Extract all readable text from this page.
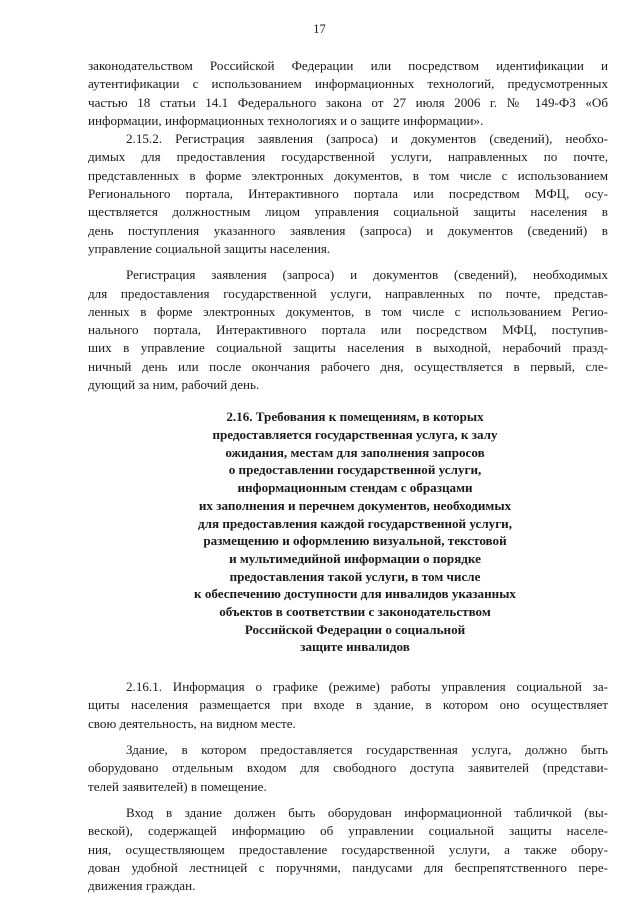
17
законодательством Российской Федерации или посредством идентификации и
аутентификации с использованием информационных технологий, предусмотренных
частью 18 статьи 14.1 Федерального закона от 27 июля 2006 г. № 149-ФЗ «Об
информации, информационных технологиях и о защите информации».
2.15.2. Регистрация заявления (запроса) и документов (сведений), необхо-
димых для предоставления государственной услуги, направленных по почте,
представленных в форме электронных документов, в том числе с использованием
Регионального портала, Интерактивного портала или посредством МФЦ, осу-
ществляется должностным лицом управления социальной защиты населения в
день поступления указанного заявления (запроса) и документов (сведений) в
управление социальной защиты населения.
Регистрация заявления (запроса) и документов (сведений), необходимых
для предоставления государственной услуги, направленных по почте, представ-
ленных в форме электронных документов, в том числе с использованием Регио-
нального портала, Интерактивного портала или посредством МФЦ, поступив-
ших в управление социальной защиты населения в выходной, нерабочий празд-
ничный день или после окончания рабочего дня, осуществляется в первый, сле-
дующий за ним, рабочий день.
2.16. Требования к помещениям, в которых
предоставляется государственная услуга, к залу
ожидания, местам для заполнения запросов
о предоставлении государственной услуги,
информационным стендам с образцами
их заполнения и перечнем документов, необходимых
для предоставления каждой государственной услуги,
размещению и оформлению визуальной, текстовой
и мультимедийной информации о порядке
предоставления такой услуги, в том числе
к обеспечению доступности для инвалидов указанных
объектов в соответствии с законодательством
Российской Федерации о социальной
защите инвалидов
2.16.1. Информация о графике (режиме) работы управления социальной за-
щиты населения размещается при входе в здание, в котором оно осуществляет
свою деятельность, на видном месте.
Здание, в котором предоставляется государственная услуга, должно быть
оборудовано отдельным входом для свободного доступа заявителей (представи-
телей заявителей) в помещение.
Вход в здание должен быть оборудован информационной табличкой (вы-
веской), содержащей информацию об управлении социальной защиты населе-
ния, осуществляющем предоставление государственной услуги, а также обору-
дован удобной лестницей с поручнями, пандусами для беспрепятственного пере-
движения граждан.
